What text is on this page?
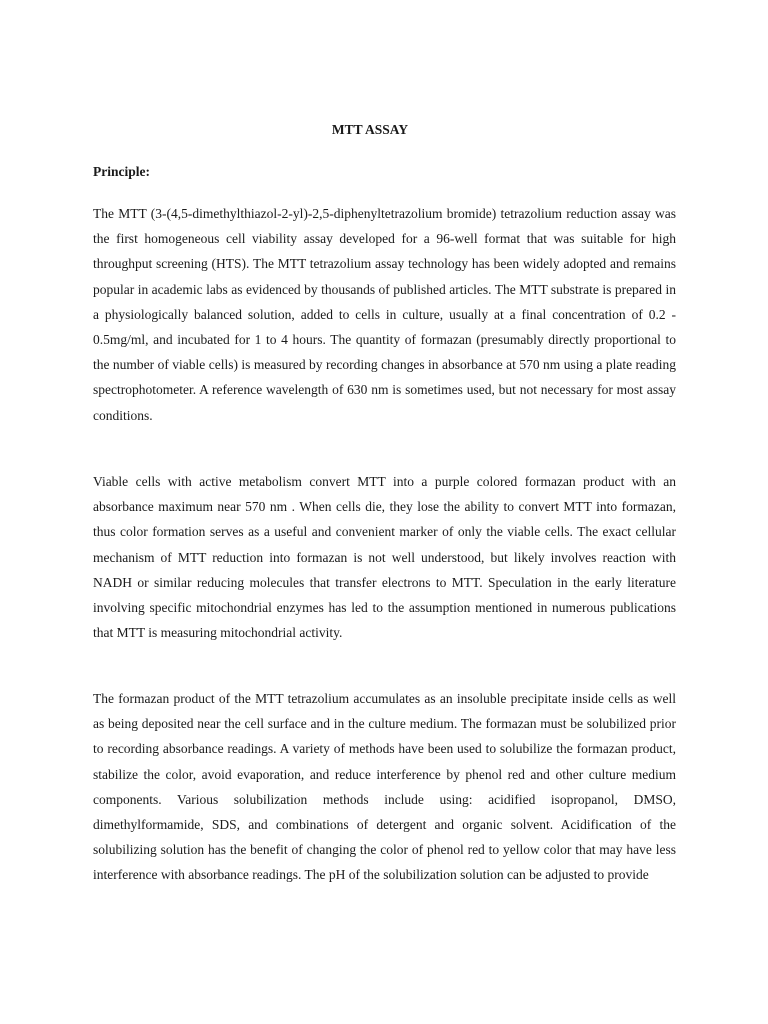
MTT ASSAY
Principle:

The MTT (3-(4,5-dimethylthiazol-2-yl)-2,5-diphenyltetrazolium bromide) tetrazolium reduction assay was the first homogeneous cell viability assay developed for a 96-well format that was suitable for high throughput screening (HTS). The MTT tetrazolium assay technology has been widely adopted and remains popular in academic labs as evidenced by thousands of published articles. The MTT substrate is prepared in a physiologically balanced solution, added to cells in culture, usually at a final concentration of 0.2 - 0.5mg/ml, and incubated for 1 to 4 hours. The quantity of formazan (presumably directly proportional to the number of viable cells) is measured by recording changes in absorbance at 570 nm using a plate reading spectrophotometer. A reference wavelength of 630 nm is sometimes used, but not necessary for most assay conditions.

Viable cells with active metabolism convert MTT into a purple colored formazan product with an absorbance maximum near 570 nm . When cells die, they lose the ability to convert MTT into formazan, thus color formation serves as a useful and convenient marker of only the viable cells. The exact cellular mechanism of MTT reduction into formazan is not well understood, but likely involves reaction with NADH or similar reducing molecules that transfer electrons to MTT. Speculation in the early literature involving specific mitochondrial enzymes has led to the assumption mentioned in numerous publications that MTT is measuring mitochondrial activity.

The formazan product of the MTT tetrazolium accumulates as an insoluble precipitate inside cells as well as being deposited near the cell surface and in the culture medium. The formazan must be solubilized prior to recording absorbance readings. A variety of methods have been used to solubilize the formazan product, stabilize the color, avoid evaporation, and reduce interference by phenol red and other culture medium components. Various solubilization methods include using: acidified isopropanol, DMSO, dimethylformamide, SDS, and combinations of detergent and organic solvent. Acidification of the solubilizing solution has the benefit of changing the color of phenol red to yellow color that may have less interference with absorbance readings. The pH of the solubilization solution can be adjusted to provide
